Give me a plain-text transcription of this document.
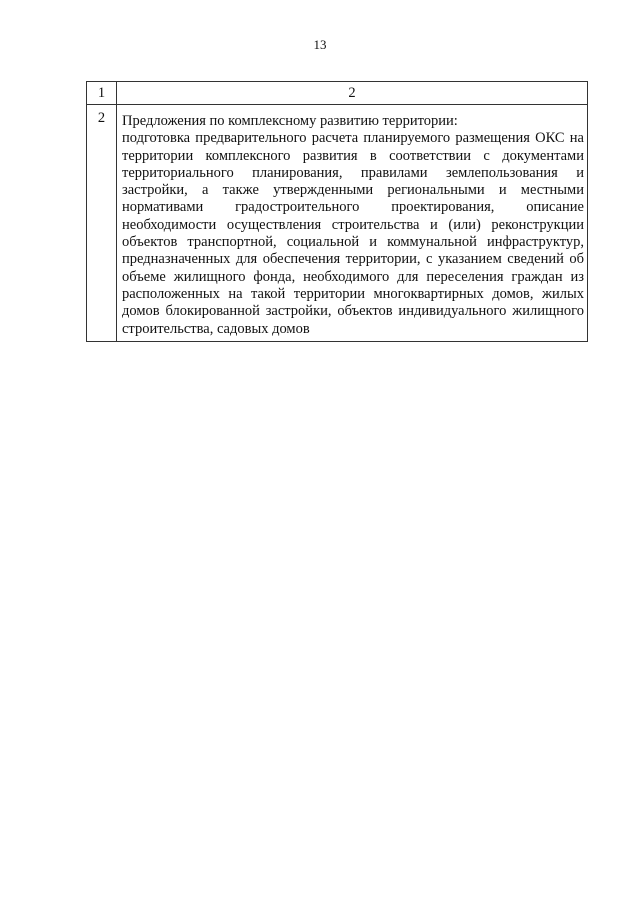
13
1	2
2	Предложения по комплексному развитию территории:

подготовка предварительного расчета планируемого размещения ОКС на территории комплексного развития в соответствии с документами территориального планирования, правилами землепользования и застройки, а также утвержденными региональными и местными нормативами градостроительного проектирования, описание необходимости осуществления строительства и (или) реконструкции объектов транспортной, социальной и коммунальной инфраструктур, предназначенных для обеспечения территории, с указанием сведений об объеме жилищного фонда, необходимого для переселения граждан из расположенных на такой территории многоквартирных домов, жилых домов блокированной застройки, объектов индивидуального жилищного строительства, садовых домов
